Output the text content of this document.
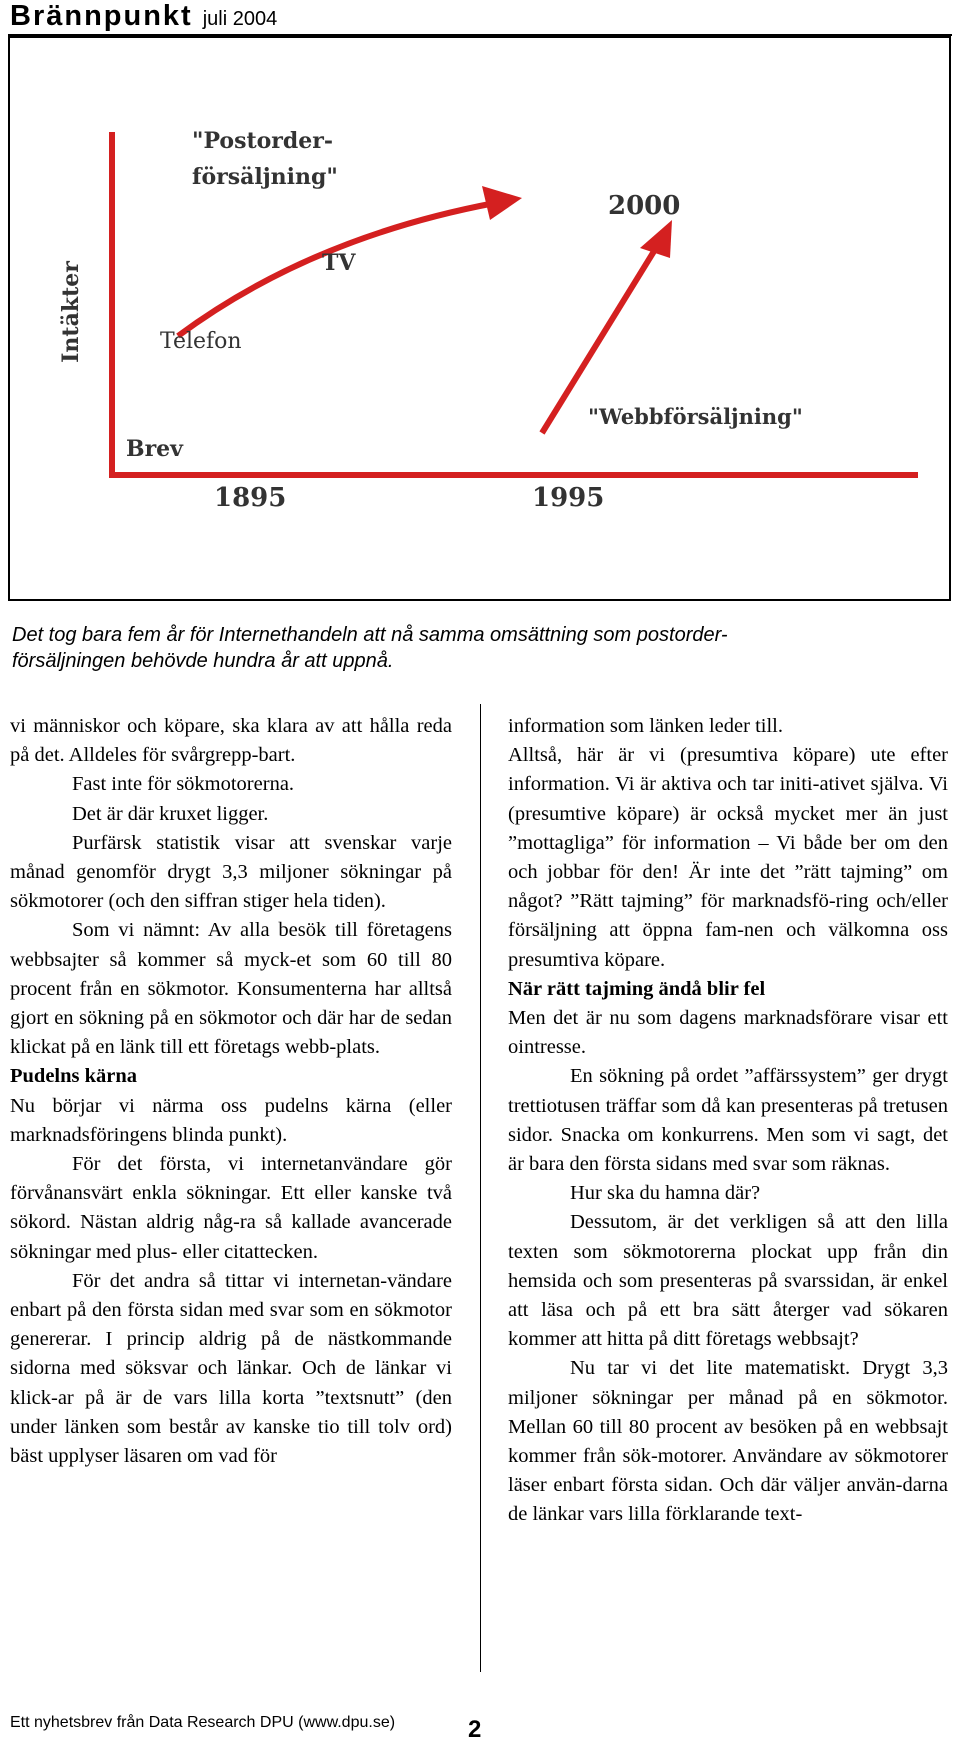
Brännpunkt juli 2004
Intäkter
Brev
Telefon
TV
"Postorder-
försäljning"
2000
"Webbförsäljning"
1895	1995
Det tog bara fem år för Internethandeln att nå samma omsättning som postorder-
försäljningen behövde hundra år att uppnå.

vi människor och köpare, ska klara av att hålla reda på det. Alldeles för svårgrepp-bart.

Fast inte för sökmotorerna.

Det är där kruxet ligger.

Purfärsk statistik visar att svenskar varje månad genomför drygt 3,3 miljoner sökningar på sökmotorer (och den siffran stiger hela tiden).

Som vi nämnt: Av alla besök till företagens webbsajter så kommer så myck-et som 60 till 80 procent från en sökmotor. Konsumenterna har alltså gjort en sökning på en sökmotor och där har de sedan klickat på en länk till ett företags webb-plats.

Pudelns kärna

Nu börjar vi närma oss pudelns kärna (eller marknadsföringens blinda punkt).

För det första, vi internetanvändare gör förvånansvärt enkla sökningar. Ett eller kanske två sökord. Nästan aldrig någ-ra så kallade avancerade sökningar med plus- eller citattecken.

För det andra så tittar vi internetan-vändare enbart på den första sidan med svar som en sökmotor genererar. I princip aldrig på de nästkommande sidorna med söksvar och länkar. Och de länkar vi klick-ar på är de vars lilla korta ”textsnutt” (den under länken som består av kanske tio till tolv ord) bäst upplyser läsaren om vad för

information som länken leder till.

Alltså, här är vi (presumtiva köpare) ute efter information. Vi är aktiva och tar initi-ativet själva. Vi (presumtive köpare) är också mycket mer än just ”mottagliga” för information – Vi både ber om den och jobbar för den! Är inte det ”rätt tajming” om något? ”Rätt tajming” för marknadsfö-ring och/eller försäljning att öppna fam-nen och välkomna oss presumtiva köpare.

När rätt tajming ändå blir fel

Men det är nu som dagens marknadsförare visar ett ointresse.

En sökning på ordet ”affärssystem” ger drygt trettiotusen träffar som då kan presenteras på tretusen sidor. Snacka om konkurrens. Men som vi sagt, det är bara den första sidans med svar som räknas.

Hur ska du hamna där?

Dessutom, är det verkligen så att den lilla texten som sökmotorerna plockat upp från din hemsida och som presenteras på svarssidan, är enkel att läsa och på ett bra sätt återger vad sökaren kommer att hitta på ditt företags webbsajt?

Nu tar vi det lite matematiskt. Drygt 3,3 miljoner sökningar per månad på en sökmotor. Mellan 60 till 80 procent av besöken på en webbsajt kommer från sök-motorer. Användare av sökmotorer läser enbart första sidan. Och där väljer använ-darna de länkar vars lilla förklarande text-

Ett nyhetsbrev från Data Research DPU (www.dpu.se)	2
